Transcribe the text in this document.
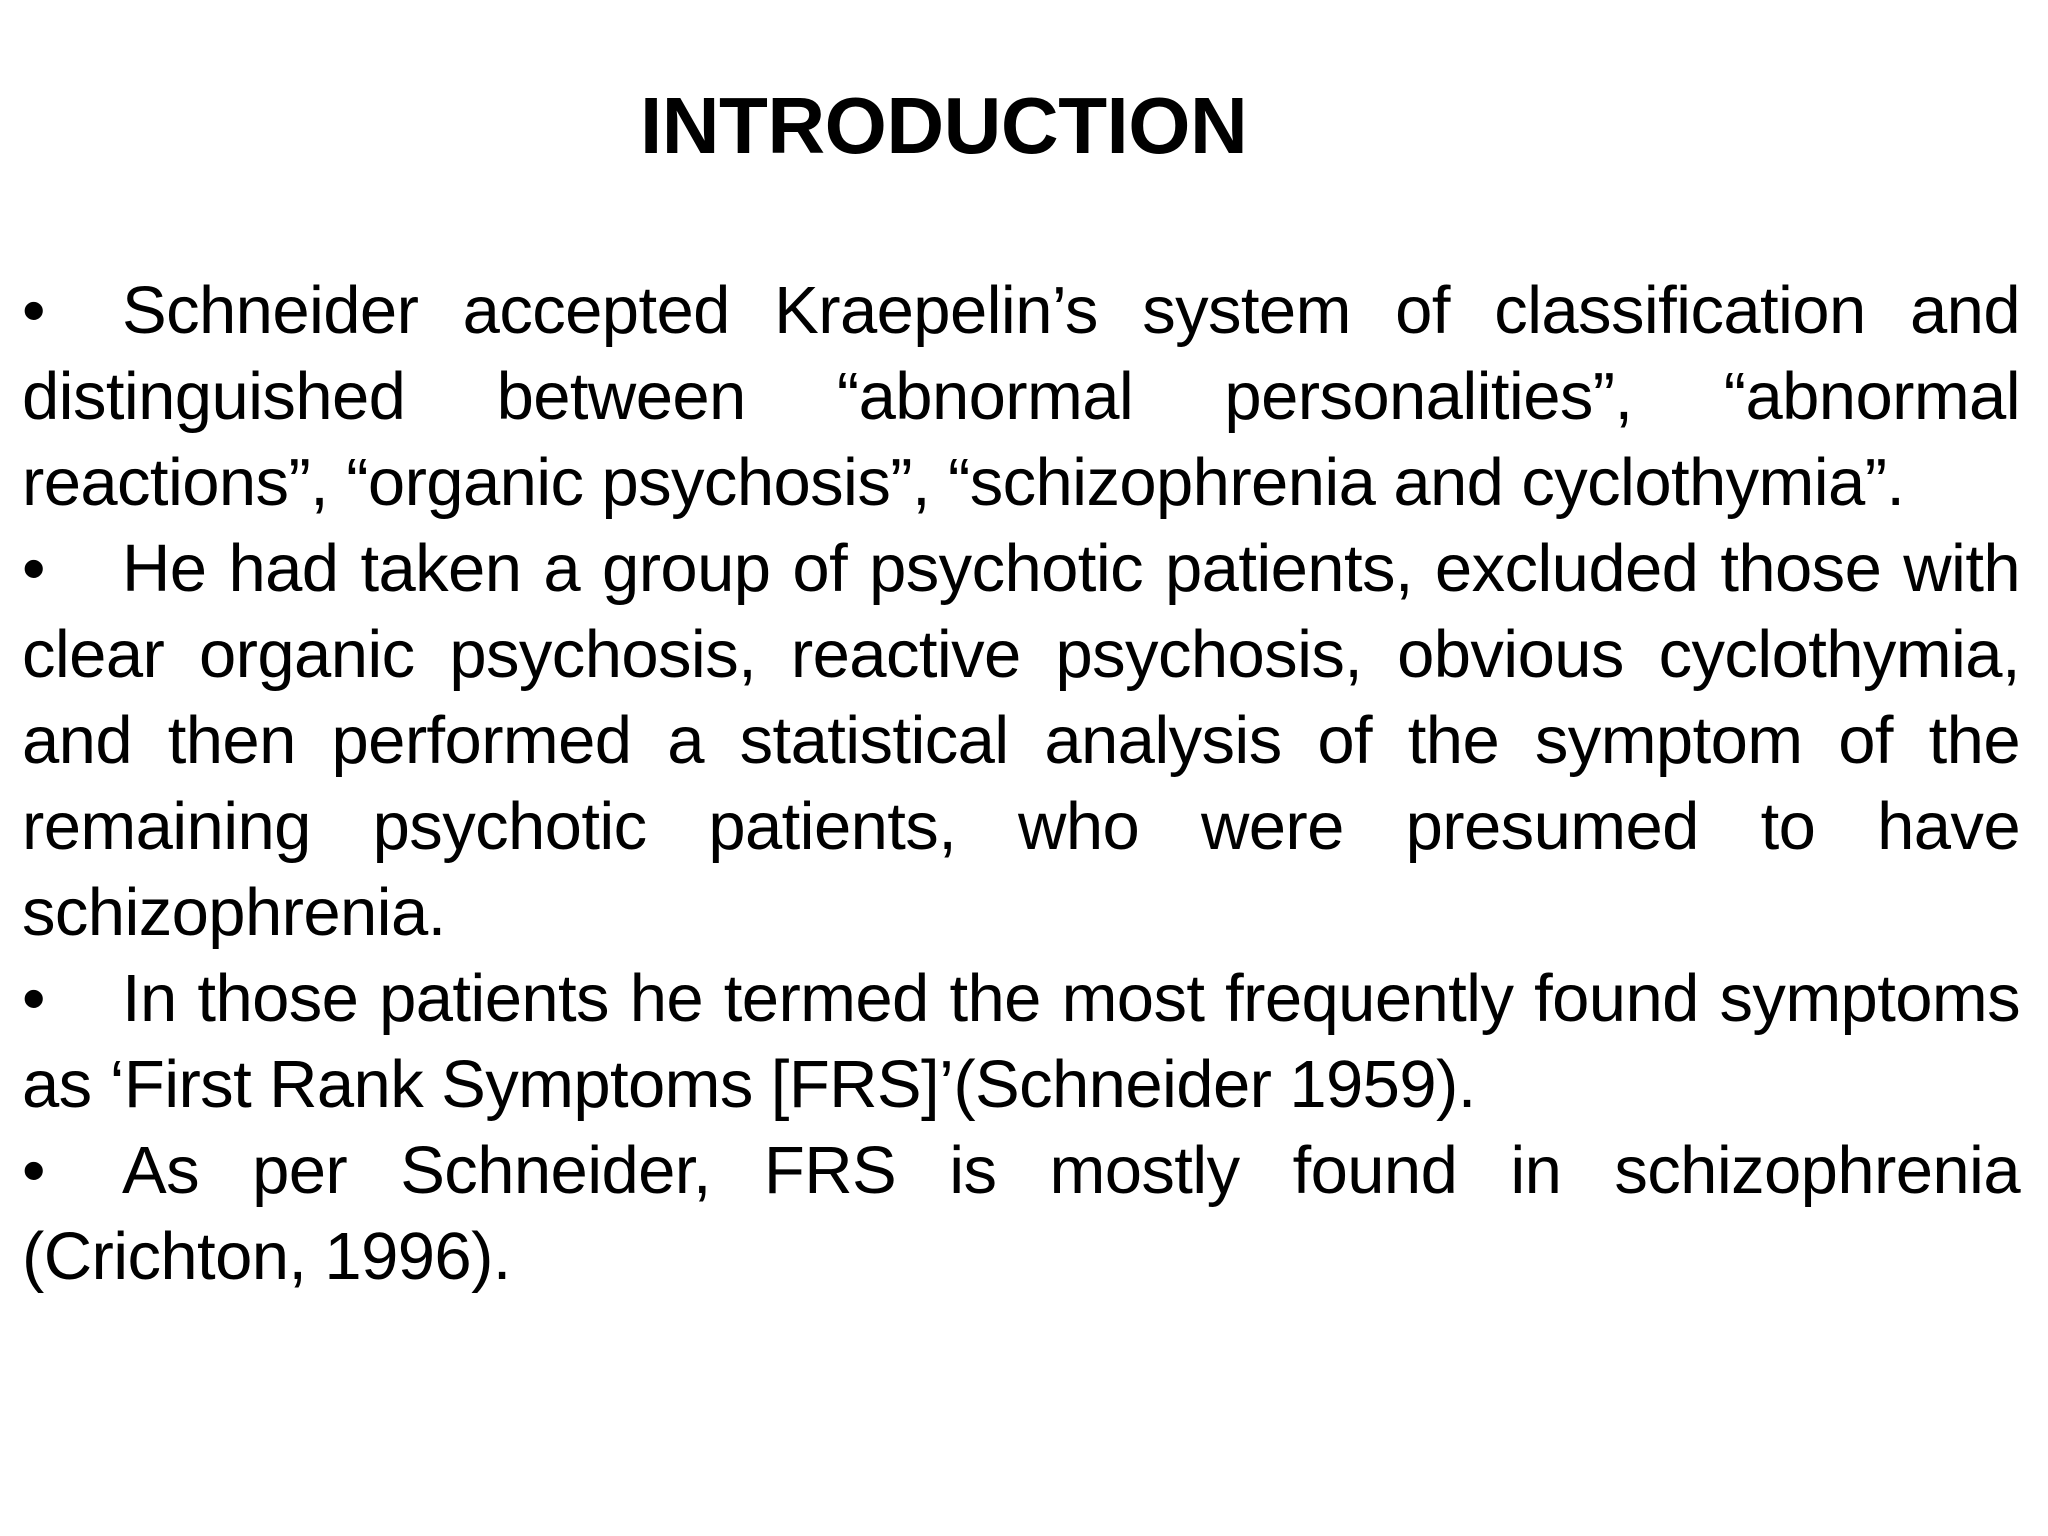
INTRODUCTION
• Schneider accepted Kraepelin’s system of classification and distinguished between “abnormal personalities”, “abnormal reactions”, “organic psychosis”, “schizophrenia and cyclothymia”.
• He had taken a group of psychotic patients, excluded those with clear organic psychosis, reactive psychosis, obvious cyclothymia, and then performed a statistical analysis of the symptom of the remaining psychotic patients, who were presumed to have schizophrenia.
• In those patients he termed the most frequently found symptoms as ‘First Rank Symptoms [FRS]’(Schneider 1959).
• As per Schneider, FRS is mostly found in schizophrenia (Crichton, 1996).
